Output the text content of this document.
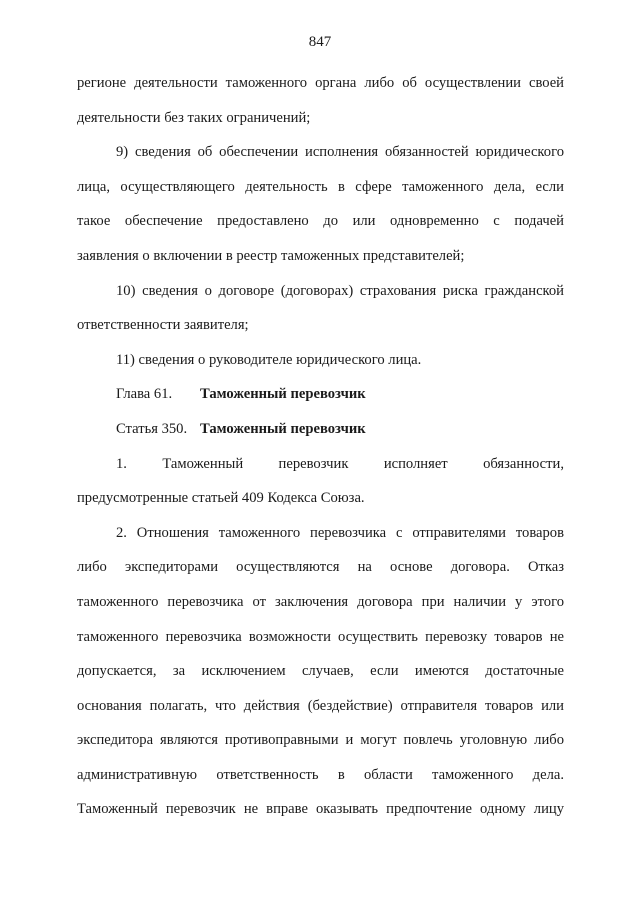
847
регионе деятельности таможенного органа либо об осуществлении своей
деятельности без таких ограничений;
9) сведения об обеспечении исполнения обязанностей юридического
лица, осуществляющего деятельность в сфере таможенного дела, если
такое обеспечение предоставлено до или одновременно с подачей
заявления о включении в реестр таможенных представителей;
10) сведения о договоре (договорах) страхования риска гражданской
ответственности заявителя;
11) сведения о руководителе юридического лица.
Глава 61. Таможенный перевозчик
Статья 350. Таможенный перевозчик
1. Таможенный перевозчик исполняет обязанности,
предусмотренные статьей 409 Кодекса Союза.
2. Отношения таможенного перевозчика с отправителями товаров
либо экспедиторами осуществляются на основе договора. Отказ
таможенного перевозчика от заключения договора при наличии у этого
таможенного перевозчика возможности осуществить перевозку товаров не
допускается, за исключением случаев, если имеются достаточные
основания полагать, что действия (бездействие) отправителя товаров или
экспедитора являются противоправными и могут повлечь уголовную либо
административную ответственность в области таможенного дела.
Таможенный перевозчик не вправе оказывать предпочтение одному лицу
